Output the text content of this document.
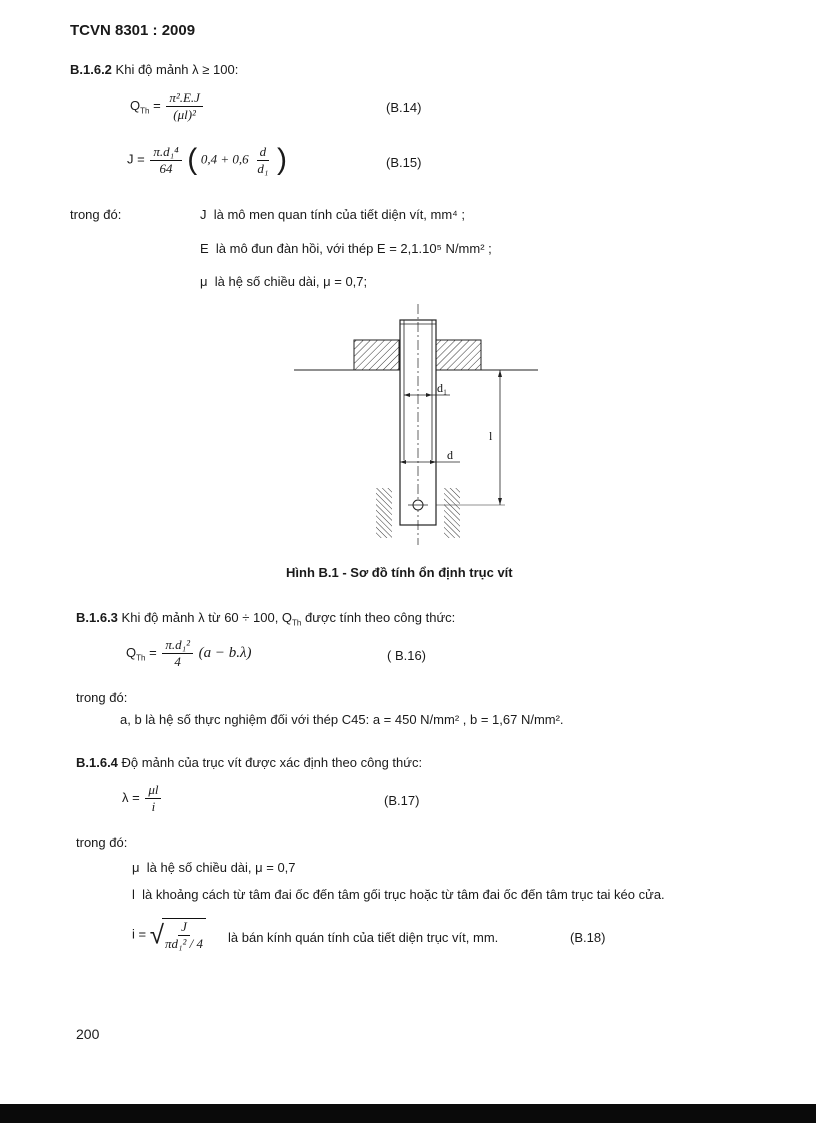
TCVN 8301 : 2009
B.1.6.2 Khi độ mảnh λ ≥ 100:
$Q_{Th} = \frac{\text{π².E.J}}{\text{(μl)²}}$	(B.14)
$J = \frac{\text{π.d₁⁴}}{64}$ ( $0,4 + 0,6 \frac{d}{\text{d₁}}$ )	(B.15)
trong đó:	J là mô men quan tính của tiết diện vít, mm⁴ ;
E là mô đun đàn hồi, với thép E = 2,1.10⁵ N/mm² ;
μ là hệ số chiều dài, μ = 0,7;
d₁
d
l
Hình B.1 - Sơ đồ tính ổn định trục vít
B.1.6.3 Khi độ mảnh λ từ 60 ÷ 100, $Q_{Th}$ được tính theo công thức:
$Q_{Th} = \frac{\text{π.d₁²}}{4} (a - b.\lambda)$	( B.16)
trong đó:
a, b là hệ số thực nghiệm đối với thép C45: a = 450 N/mm² , b = 1,67 N/mm².
B.1.6.4 Độ mảnh của trục vít được xác định theo công thức:
$\lambda = \frac{\mu l}{i}$	(B.17)
trong đó:
μ là hệ số chiều dài, μ = 0,7
l là khoảng cách từ tâm đai ốc đến tâm gối trục hoặc từ tâm đai ốc đến tâm trục tai kéo cửa.
i = √
$\frac{J}{\text{πd₁² / 4}}$ là bán kính quán tính của tiết diện trục vít, mm.	(B.18)
200
